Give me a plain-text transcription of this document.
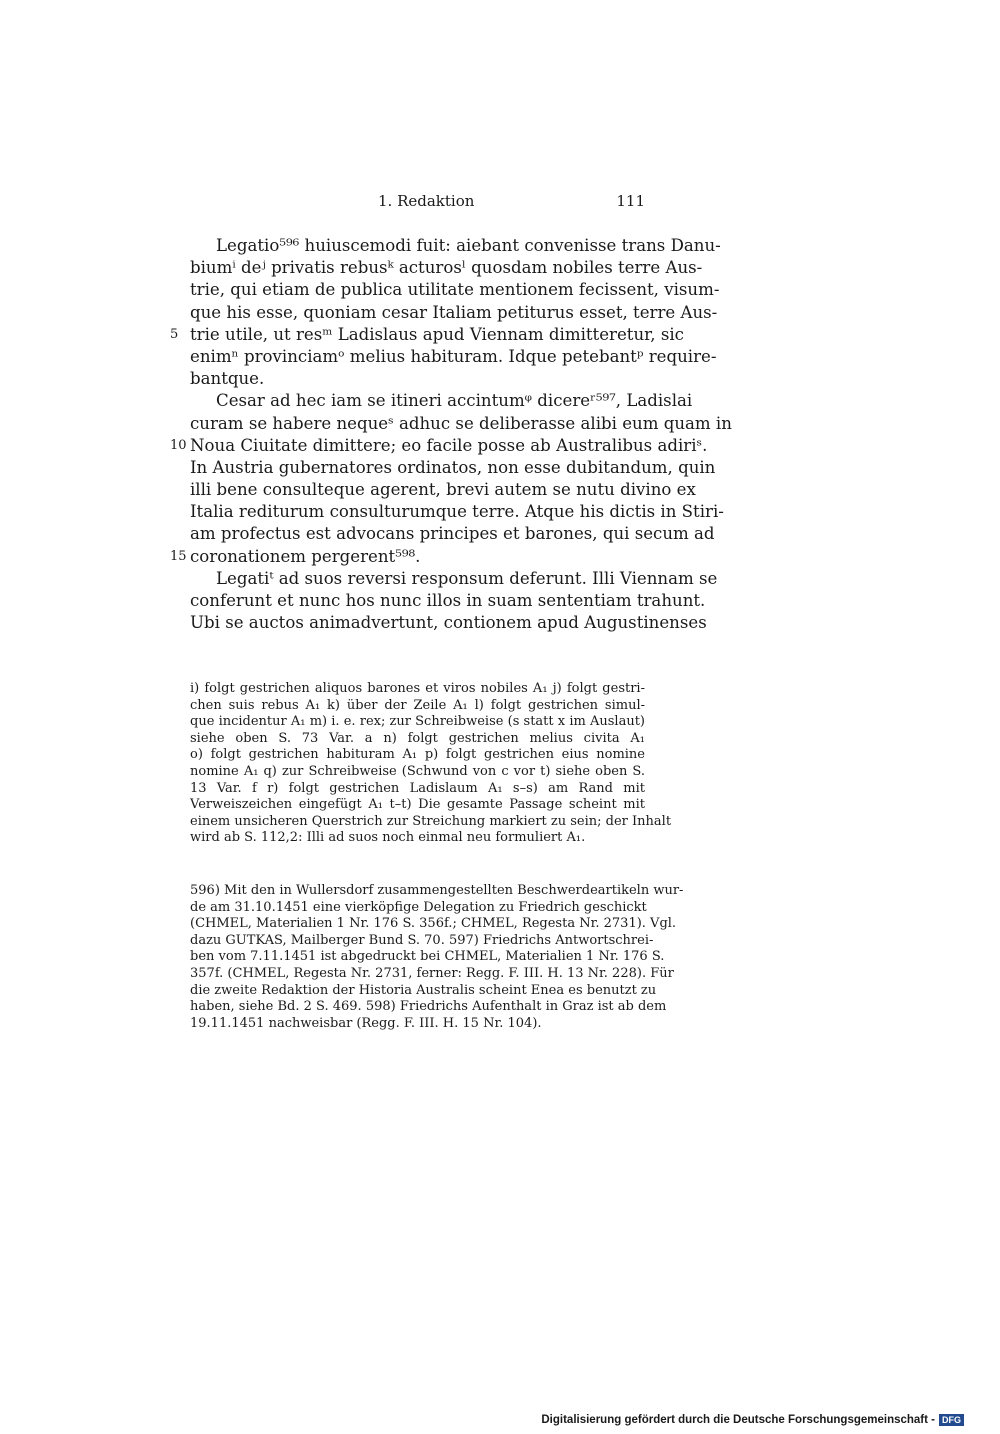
1. Redaktion	111
Legatio⁵⁹⁶ huiuscemodi fuit: aiebant convenisse trans Danu-
biumⁱ deʲ privatis rebusᵏ acturosˡ quosdam nobiles terre Aus-
trie, qui etiam de publica utilitate mentionem fecissent, visum-
que his esse, quoniam cesar Italiam petiturus esset, terre Aus-
trie utile, ut resᵐ Ladislaus apud Viennam dimitteretur, sic
5
enimⁿ provinciamᵒ melius habituram. Idque petebantᵖ require-
bantque.
Cesar ad hec iam se itineri accintumᵠ dicereʳ⁵⁹⁷, Ladislai
curam se habere nequeˢ adhuc se deliberasse alibi eum quam in
Noua Ciuitate dimittere; eo facile posse ab Australibus adiriˢ.
10
In Austria gubernatores ordinatos, non esse dubitandum, quin
illi bene consulteque agerent, brevi autem se nutu divino ex
Italia rediturum consulturumque terre. Atque his dictis in Stiri-
am profectus est advocans principes et barones, qui secum ad
coronationem pergerent⁵⁹⁸.
15
Legatiᵗ ad suos reversi responsum deferunt. Illi Viennam se
conferunt et nunc hos nunc illos in suam sententiam trahunt.
Ubi se auctos animadvertunt, contionem apud Augustinenses
i) folgt gestrichen aliquos barones et viros nobiles A₁ j) folgt gestri-
chen suis rebus A₁ k) über der Zeile A₁ l) folgt gestrichen simul-
que incidentur A₁ m) i. e. rex; zur Schreibweise (s statt x im Auslaut)
siehe oben S. 73 Var. a n) folgt gestrichen melius civita A₁
o) folgt gestrichen habituram A₁ p) folgt gestrichen eius nomine
nomine A₁ q) zur Schreibweise (Schwund von c vor t) siehe oben S.
13 Var. f r) folgt gestrichen Ladislaum A₁ s–s) am Rand mit
Verweiszeichen eingefügt A₁ t–t) Die gesamte Passage scheint mit
einem unsicheren Querstrich zur Streichung markiert zu sein; der Inhalt
wird ab S. 112,2: Illi ad suos noch einmal neu formuliert A₁.
596) Mit den in Wullersdorf zusammengestellten Beschwerdeartikeln wur-
de am 31.10.1451 eine vierköpfige Delegation zu Friedrich geschickt
(CHMEL, Materialien 1 Nr. 176 S. 356f.; CHMEL, Regesta Nr. 2731). Vgl.
dazu GUTKAS, Mailberger Bund S. 70. 597) Friedrichs Antwortschrei-
ben vom 7.11.1451 ist abgedruckt bei CHMEL, Materialien 1 Nr. 176 S.
357f. (CHMEL, Regesta Nr. 2731, ferner: Regg. F. III. H. 13 Nr. 228). Für
die zweite Redaktion der Historia Australis scheint Enea es benutzt zu
haben, siehe Bd. 2 S. 469. 598) Friedrichs Aufenthalt in Graz ist ab dem
19.11.1451 nachweisbar (Regg. F. III. H. 15 Nr. 104).
Digitalisierung gefördert durch die Deutsche Forschungsgemeinschaft - DFG
